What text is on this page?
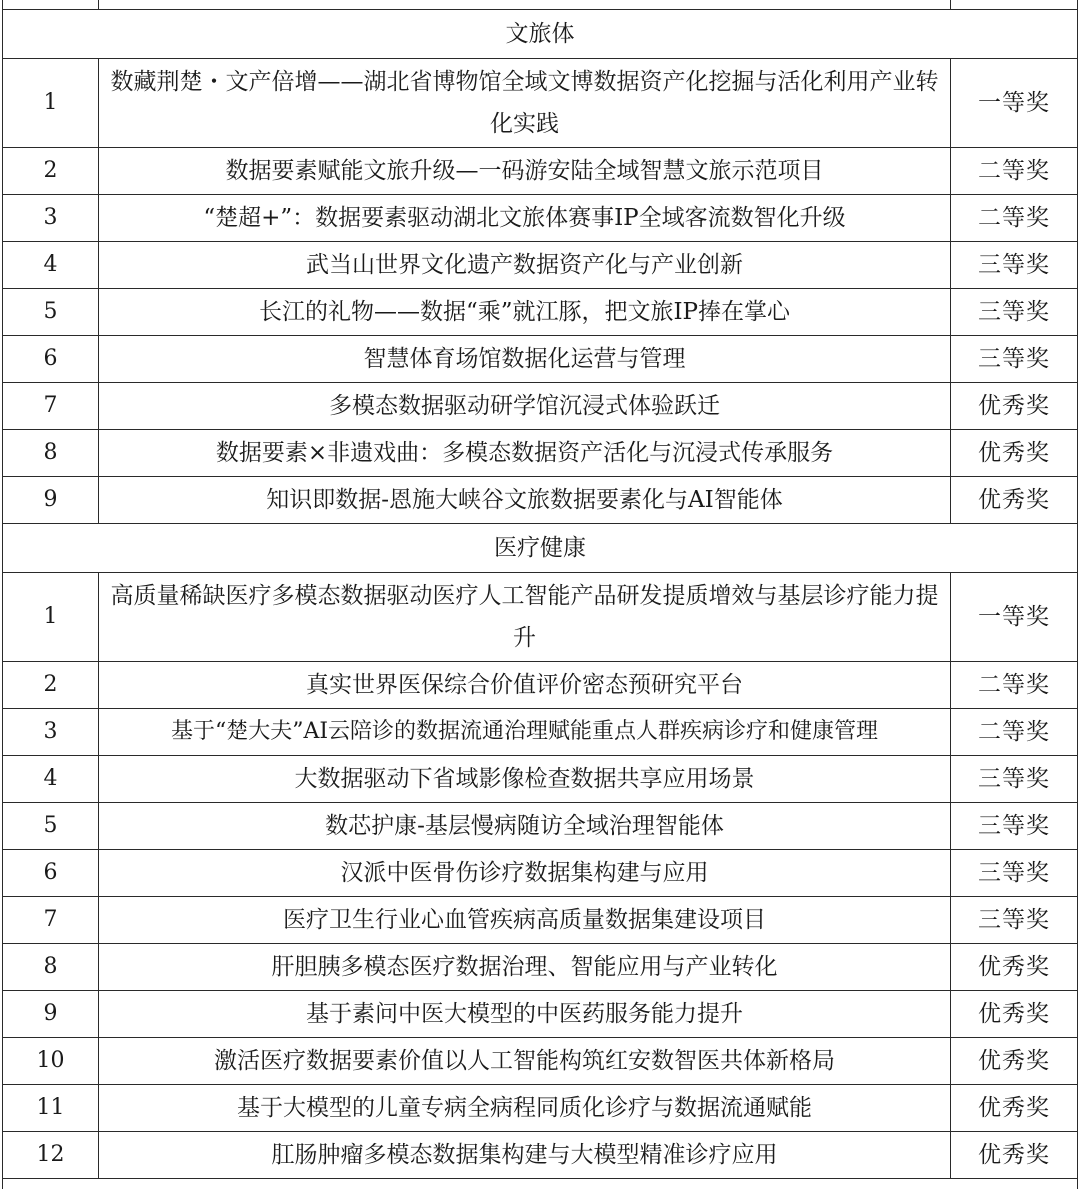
文旅体		
1	数藏荆楚・文产倍增——湖北省博物馆全域文博数据资产化挖掘与活化利用产业转化实践	一等奖
2	数据要素赋能文旅升级—一码游安陆全域智慧文旅示范项目	二等奖
3	“楚超+”：数据要素驱动湖北文旅体赛事IP全域客流数智化升级	二等奖
4	武当山世界文化遗产数据资产化与产业创新	三等奖
5	长江的礼物——数据“乘”就江豚，把文旅IP捧在掌心	三等奖
6	智慧体育场馆数据化运营与管理	三等奖
7	多模态数据驱动研学馆沉浸式体验跃迁	优秀奖
8	数据要素×非遗戏曲：多模态数据资产活化与沉浸式传承服务	优秀奖
9	知识即数据-恩施大峡谷文旅数据要素化与AI智能体	优秀奖
医疗健康		
1	高质量稀缺医疗多模态数据驱动医疗人工智能产品研发提质增效与基层诊疗能力提升	一等奖
2	真实世界医保综合价值评价密态预研究平台	二等奖
3	基于“楚大夫”AI云陪诊的数据流通治理赋能重点人群疾病诊疗和健康管理	二等奖
4	大数据驱动下省域影像检查数据共享应用场景	三等奖
5	数芯护康-基层慢病随访全域治理智能体	三等奖
6	汉派中医骨伤诊疗数据集构建与应用	三等奖
7	医疗卫生行业心血管疾病高质量数据集建设项目	三等奖
8	肝胆胰多模态医疗数据治理、智能应用与产业转化	优秀奖
9	基于素问中医大模型的中医药服务能力提升	优秀奖
10	激活医疗数据要素价值以人工智能构筑红安数智医共体新格局	优秀奖
11	基于大模型的儿童专病全病程同质化诊疗与数据流通赋能	优秀奖
12	肛肠肿瘤多模态数据集构建与大模型精准诊疗应用	优秀奖
